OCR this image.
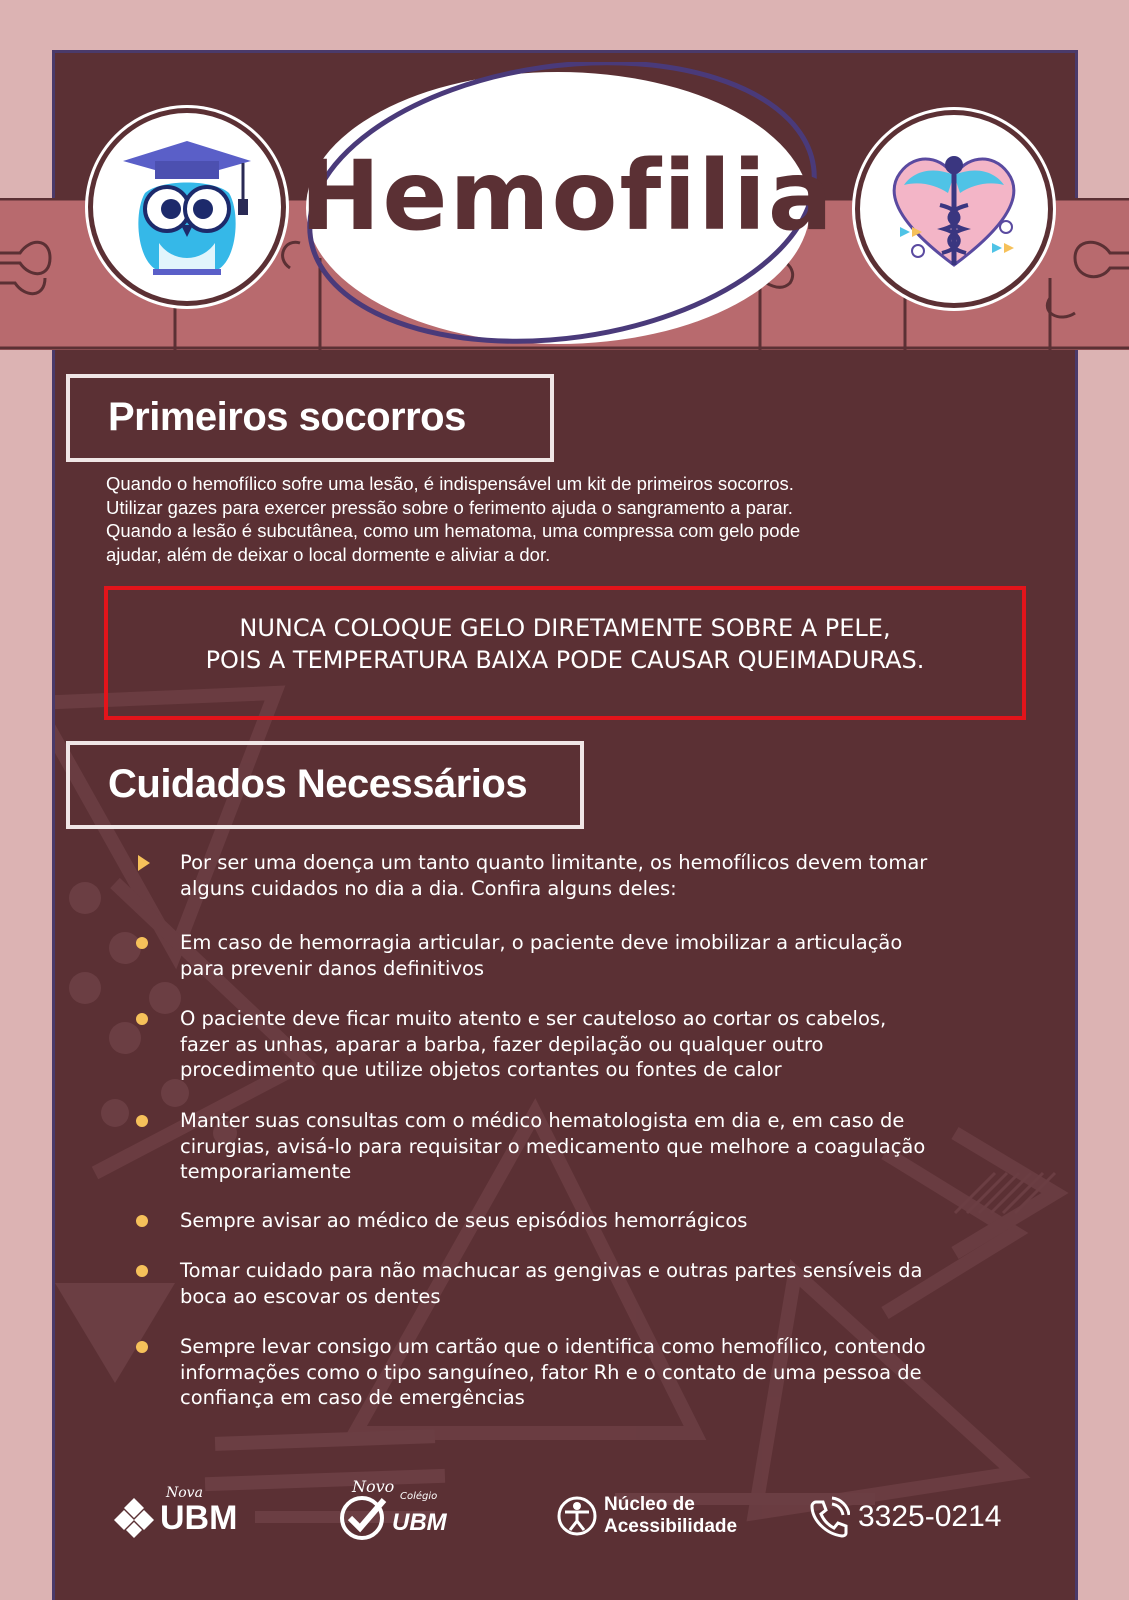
Hemofilia
Primeiros socorros
Quando o hemofílico sofre uma lesão, é indispensável um kit de primeiros socorros.
Utilizar gazes para exercer pressão sobre o ferimento ajuda o sangramento a parar.
Quando a lesão é subcutânea, como um hematoma, uma compressa com gelo pode
ajudar, além de deixar o local dormente e aliviar a dor.
NUNCA COLOQUE GELO DIRETAMENTE SOBRE A PELE,
POIS A TEMPERATURA BAIXA PODE CAUSAR QUEIMADURAS.
Cuidados Necessários
Por ser uma doença um tanto quanto limitante, os hemofílicos devem tomar
alguns cuidados no dia a dia. Confira alguns deles:
Em caso de hemorragia articular, o paciente deve imobilizar a articulação
para prevenir danos definitivos
O paciente deve ficar muito atento e ser cauteloso ao cortar os cabelos,
fazer as unhas, aparar a barba, fazer depilação ou qualquer outro
procedimento que utilize objetos cortantes ou fontes de calor
Manter suas consultas com o médico hematologista em dia e, em caso de
cirurgias, avisá-lo para requisitar o medicamento que melhore a coagulação
temporariamente
Sempre avisar ao médico de seus episódios hemorrágicos
Tomar cuidado para não machucar as gengivas e outras partes sensíveis da
boca ao escovar os dentes
Sempre levar consigo um cartão que o identifica como hemofílico, contendo
informações como o tipo sanguíneo, fator Rh e o contato de uma pessoa de
confiança em caso de emergências
Nova
UBM
Novo
Colégio
UBM
Núcleo de
Acessibilidade	3325-0214
